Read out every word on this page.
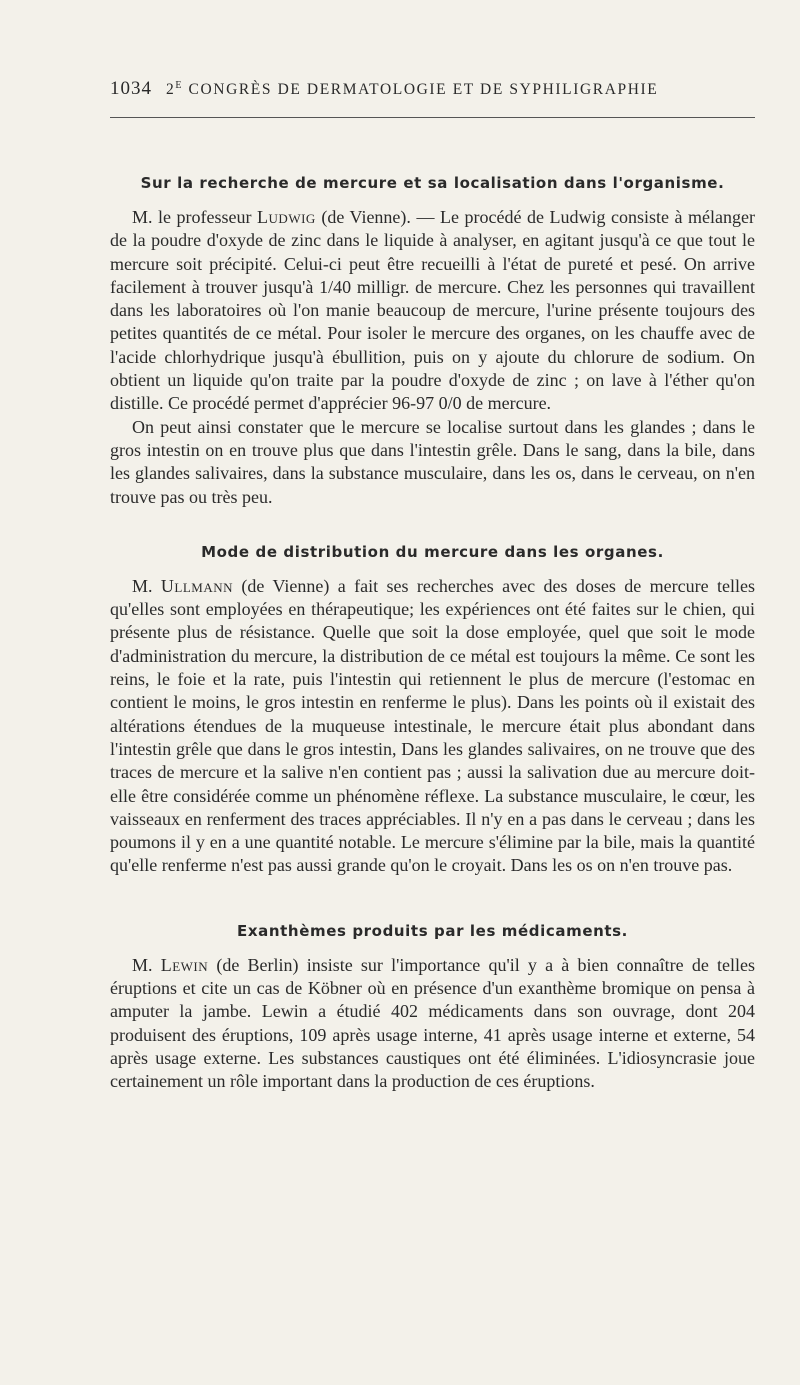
1034 $2^E$ CONGRÈS DE DERMATOLOGIE ET DE SYPHILIGRAPHIE
Sur la recherche de mercure et sa localisation dans l'organisme.

M. le professeur Ludwig (de Vienne). — Le procédé de Ludwig consiste à mélanger de la poudre d'oxyde de zinc dans le liquide à analyser, en agitant jusqu'à ce que tout le mercure soit précipité. Celui-ci peut être recueilli à l'état de pureté et pesé. On arrive facilement à trouver jusqu'à 1/40 milligr. de mercure. Chez les personnes qui travaillent dans les laboratoires où l'on manie beaucoup de mercure, l'urine présente toujours des petites quantités de ce métal. Pour isoler le mercure des organes, on les chauffe avec de l'acide chlorhydrique jusqu'à ébullition, puis on y ajoute du chlorure de sodium. On obtient un liquide qu'on traite par la poudre d'oxyde de zinc ; on lave à l'éther qu'on distille. Ce procédé permet d'apprécier 96-97 0/0 de mercure.

On peut ainsi constater que le mercure se localise surtout dans les glandes ; dans le gros intestin on en trouve plus que dans l'intestin grêle. Dans le sang, dans la bile, dans les glandes salivaires, dans la substance musculaire, dans les os, dans le cerveau, on n'en trouve pas ou très peu.

Mode de distribution du mercure dans les organes.

M. Ullmann (de Vienne) a fait ses recherches avec des doses de mercure telles qu'elles sont employées en thérapeutique; les expériences ont été faites sur le chien, qui présente plus de résistance. Quelle que soit la dose employée, quel que soit le mode d'administration du mercure, la distribution de ce métal est toujours la même. Ce sont les reins, le foie et la rate, puis l'intestin qui retiennent le plus de mercure (l'estomac en contient le moins, le gros intestin en renferme le plus). Dans les points où il existait des altérations étendues de la muqueuse intestinale, le mercure était plus abondant dans l'intestin grêle que dans le gros intestin, Dans les glandes salivaires, on ne trouve que des traces de mercure et la salive n'en contient pas ; aussi la salivation due au mercure doit-elle être considérée comme un phénomène réflexe. La substance musculaire, le cœur, les vaisseaux en renferment des traces appréciables. Il n'y en a pas dans le cerveau ; dans les poumons il y en a une quantité notable. Le mercure s'élimine par la bile, mais la quantité qu'elle renferme n'est pas aussi grande qu'on le croyait. Dans les os on n'en trouve pas.

Exanthèmes produits par les médicaments.

M. Lewin (de Berlin) insiste sur l'importance qu'il y a à bien connaître de telles éruptions et cite un cas de Köbner où en présence d'un exanthème bromique on pensa à amputer la jambe. Lewin a étudié 402 médicaments dans son ouvrage, dont 204 produisent des éruptions, 109 après usage interne, 41 après usage interne et externe, 54 après usage externe. Les substances caustiques ont été éliminées. L'idiosyncrasie joue certainement un rôle important dans la production de ces éruptions.
